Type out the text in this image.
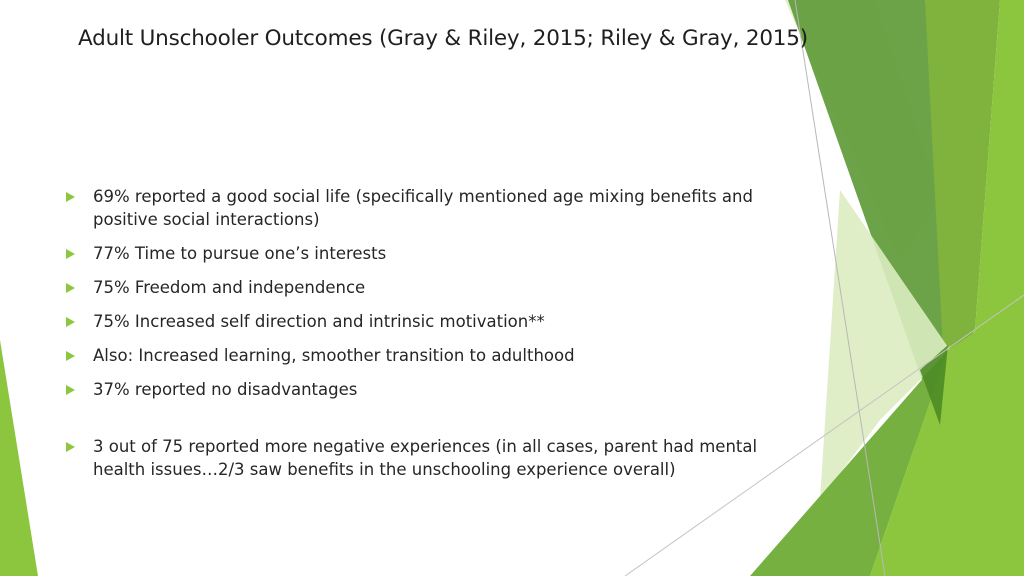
Adult Unschooler Outcomes (Gray & Riley, 2015; Riley & Gray, 2015)
69% reported a good social life (specifically mentioned age mixing benefits and positive social interactions)
77% Time to pursue one’s interests
75% Freedom and independence
75% Increased self direction and intrinsic motivation**
Also: Increased learning, smoother transition to adulthood
37% reported no disadvantages
3 out of 75 reported more negative experiences (in all cases, parent had mental health issues…2/3 saw benefits in the unschooling experience overall)
